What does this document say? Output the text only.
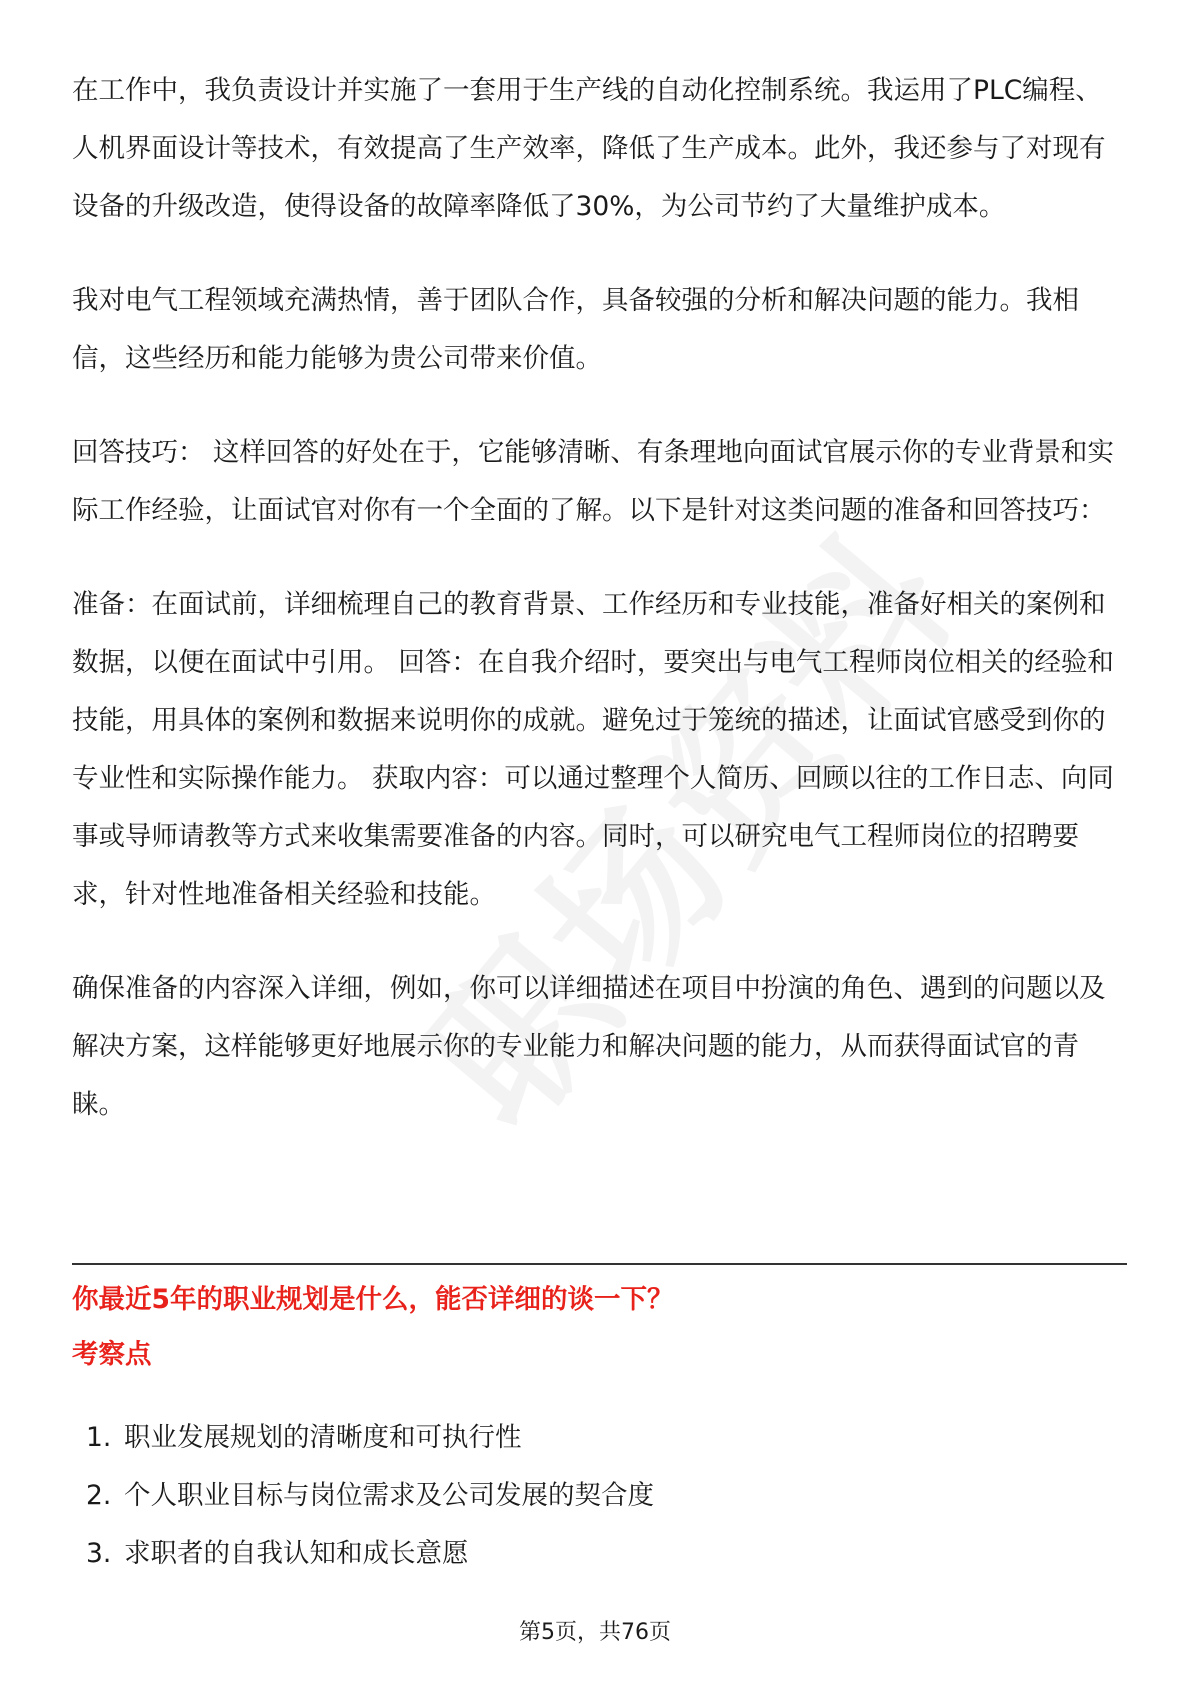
在工作中，我负责设计并实施了一套用于生产线的自动化控制系统。我运用了PLC编程、人机界面设计等技术，有效提高了生产效率，降低了生产成本。此外，我还参与了对现有设备的升级改造，使得设备的故障率降低了30%，为公司节约了大量维护成本。

我对电气工程领域充满热情，善于团队合作，具备较强的分析和解决问题的能力。我相信，这些经历和能力能够为贵公司带来价值。

回答技巧： 这样回答的好处在于，它能够清晰、有条理地向面试官展示你的专业背景和实际工作经验，让面试官对你有一个全面的了解。以下是针对这类问题的准备和回答技巧：

准备：在面试前，详细梳理自己的教育背景、工作经历和专业技能，准备好相关的案例和数据，以便在面试中引用。 回答：在自我介绍时，要突出与电气工程师岗位相关的经验和技能，用具体的案例和数据来说明你的成就。避免过于笼统的描述，让面试官感受到你的专业性和实际操作能力。 获取内容：可以通过整理个人简历、回顾以往的工作日志、向同事或导师请教等方式来收集需要准备的内容。同时，可以研究电气工程师岗位的招聘要求，针对性地准备相关经验和技能。

确保准备的内容深入详细，例如，你可以详细描述在项目中扮演的角色、遇到的问题以及解决方案，这样能够更好地展示你的专业能力和解决问题的能力，从而获得面试官的青睐。

你最近5年的职业规划是什么，能否详细的谈一下？
考察点
1. 职业发展规划的清晰度和可执行性
2. 个人职业目标与岗位需求及公司发展的契合度
3. 求职者的自我认知和成长意愿
第5页，共76页
